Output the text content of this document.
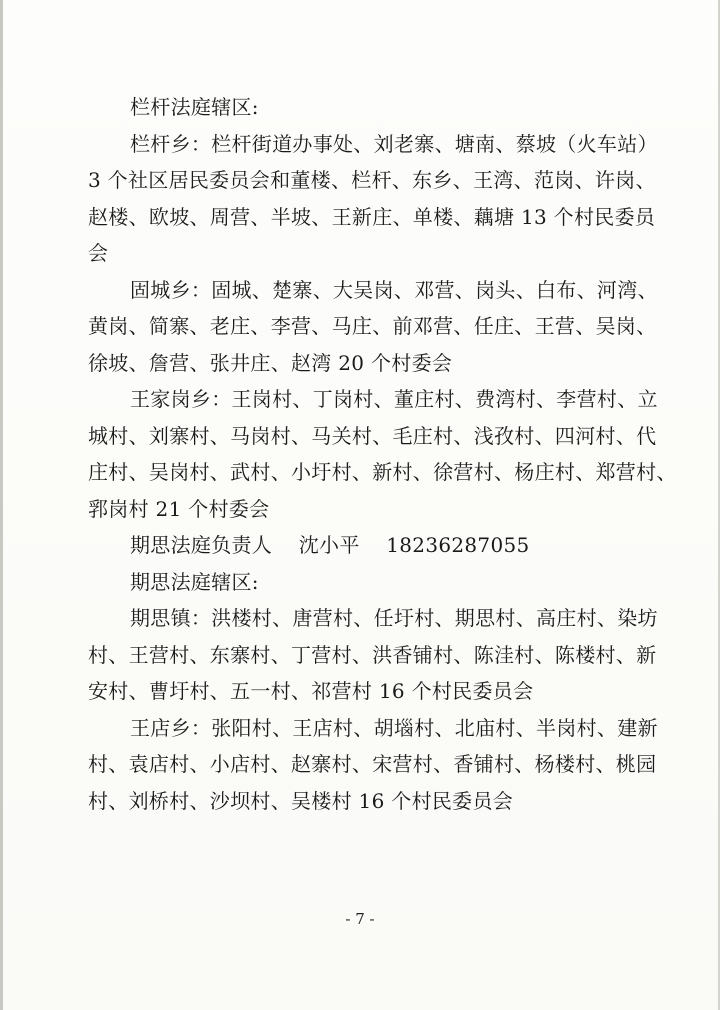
栏杆法庭辖区:
栏杆乡：栏杆街道办事处、刘老寨、塘南、蔡坡（火车站）
3 个社区居民委员会和董楼、栏杆、东乡、王湾、范岗、许岗、
赵楼、欧坡、周营、半坡、王新庄、单楼、藕塘 13 个村民委员
会
固城乡：固城、楚寨、大吴岗、邓营、岗头、白布、河湾、
黄岗、简寨、老庄、李营、马庄、前邓营、任庄、王营、吴岗、
徐坡、詹营、张井庄、赵湾 20 个村委会
王家岗乡：王岗村、丁岗村、董庄村、费湾村、李营村、立
城村、刘寨村、马岗村、马关村、毛庄村、浅孜村、四河村、代
庄村、吴岗村、武村、小圩村、新村、徐营村、杨庄村、郑营村、
郛岗村 21 个村委会
期思法庭负责人    沈小平    18236287055
期思法庭辖区:
期思镇：洪楼村、唐营村、任圩村、期思村、高庄村、染坊
村、王营村、东寨村、丁营村、洪香铺村、陈洼村、陈楼村、新
安村、曹圩村、五一村、祁营村 16 个村民委员会
王店乡：张阳村、王店村、胡堖村、北庙村、半岗村、建新
村、袁店村、小店村、赵寨村、宋营村、香铺村、杨楼村、桃园
村、刘桥村、沙坝村、吴楼村 16 个村民委员会
- 7 -
